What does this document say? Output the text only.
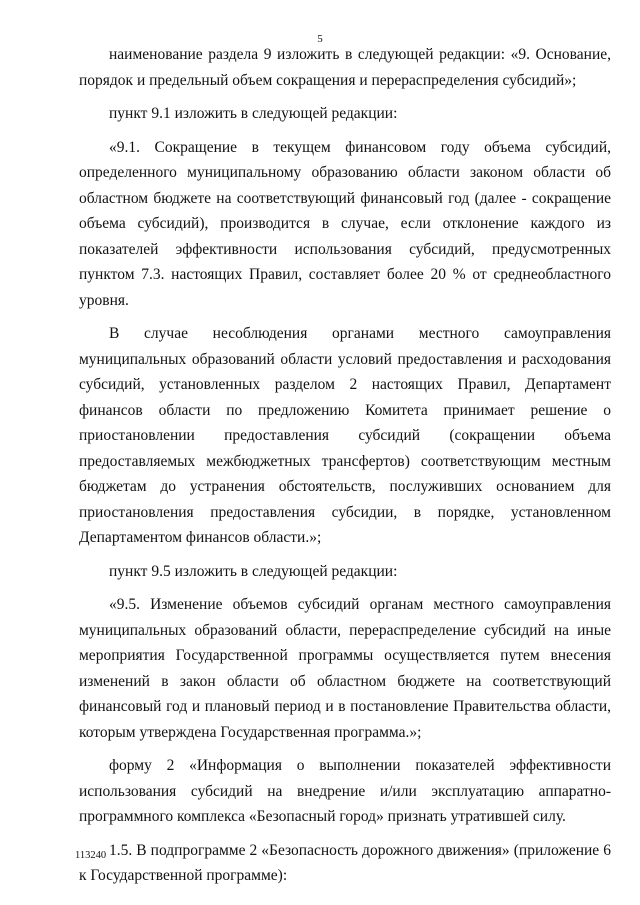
5

наименование раздела 9 изложить в следующей редакции: «9. Основание, порядок и предельный объем сокращения и перераспределения субсидий»;

пункт 9.1 изложить в следующей редакции:

«9.1. Сокращение в текущем финансовом году объема субсидий, определенного муниципальному образованию области законом области об областном бюджете на соответствующий финансовый год (далее - сокращение объема субсидий), производится в случае, если отклонение каждого из показателей эффективности использования субсидий, предусмотренных пунктом 7.3. настоящих Правил, составляет более 20 % от среднеобластного уровня.

В случае несоблюдения органами местного самоуправления муниципальных образований области условий предоставления и расходования субсидий, установленных разделом 2 настоящих Правил, Департамент финансов области по предложению Комитета принимает решение о приостановлении предоставления субсидий (сокращении объема предоставляемых межбюджетных трансфертов) соответствующим местным бюджетам до устранения обстоятельств, послуживших основанием для приостановления предоставления субсидии, в порядке, установленном Департаментом финансов области.»;

пункт 9.5 изложить в следующей редакции:

«9.5. Изменение объемов субсидий органам местного самоуправления муниципальных образований области, перераспределение субсидий на иные мероприятия Государственной программы осуществляется путем внесения изменений в закон области об областном бюджете на соответствующий финансовый год и плановый период и в постановление Правительства области, которым утверждена Государственная программа.»;

форму 2 «Информация о выполнении показателей эффективности использования субсидий на внедрение и/или эксплуатацию аппаратно-программного комплекса «Безопасный город» признать утратившей силу.

1.5. В подпрограмме 2 «Безопасность дорожного движения» (приложение 6 к Государственной программе):

113240
